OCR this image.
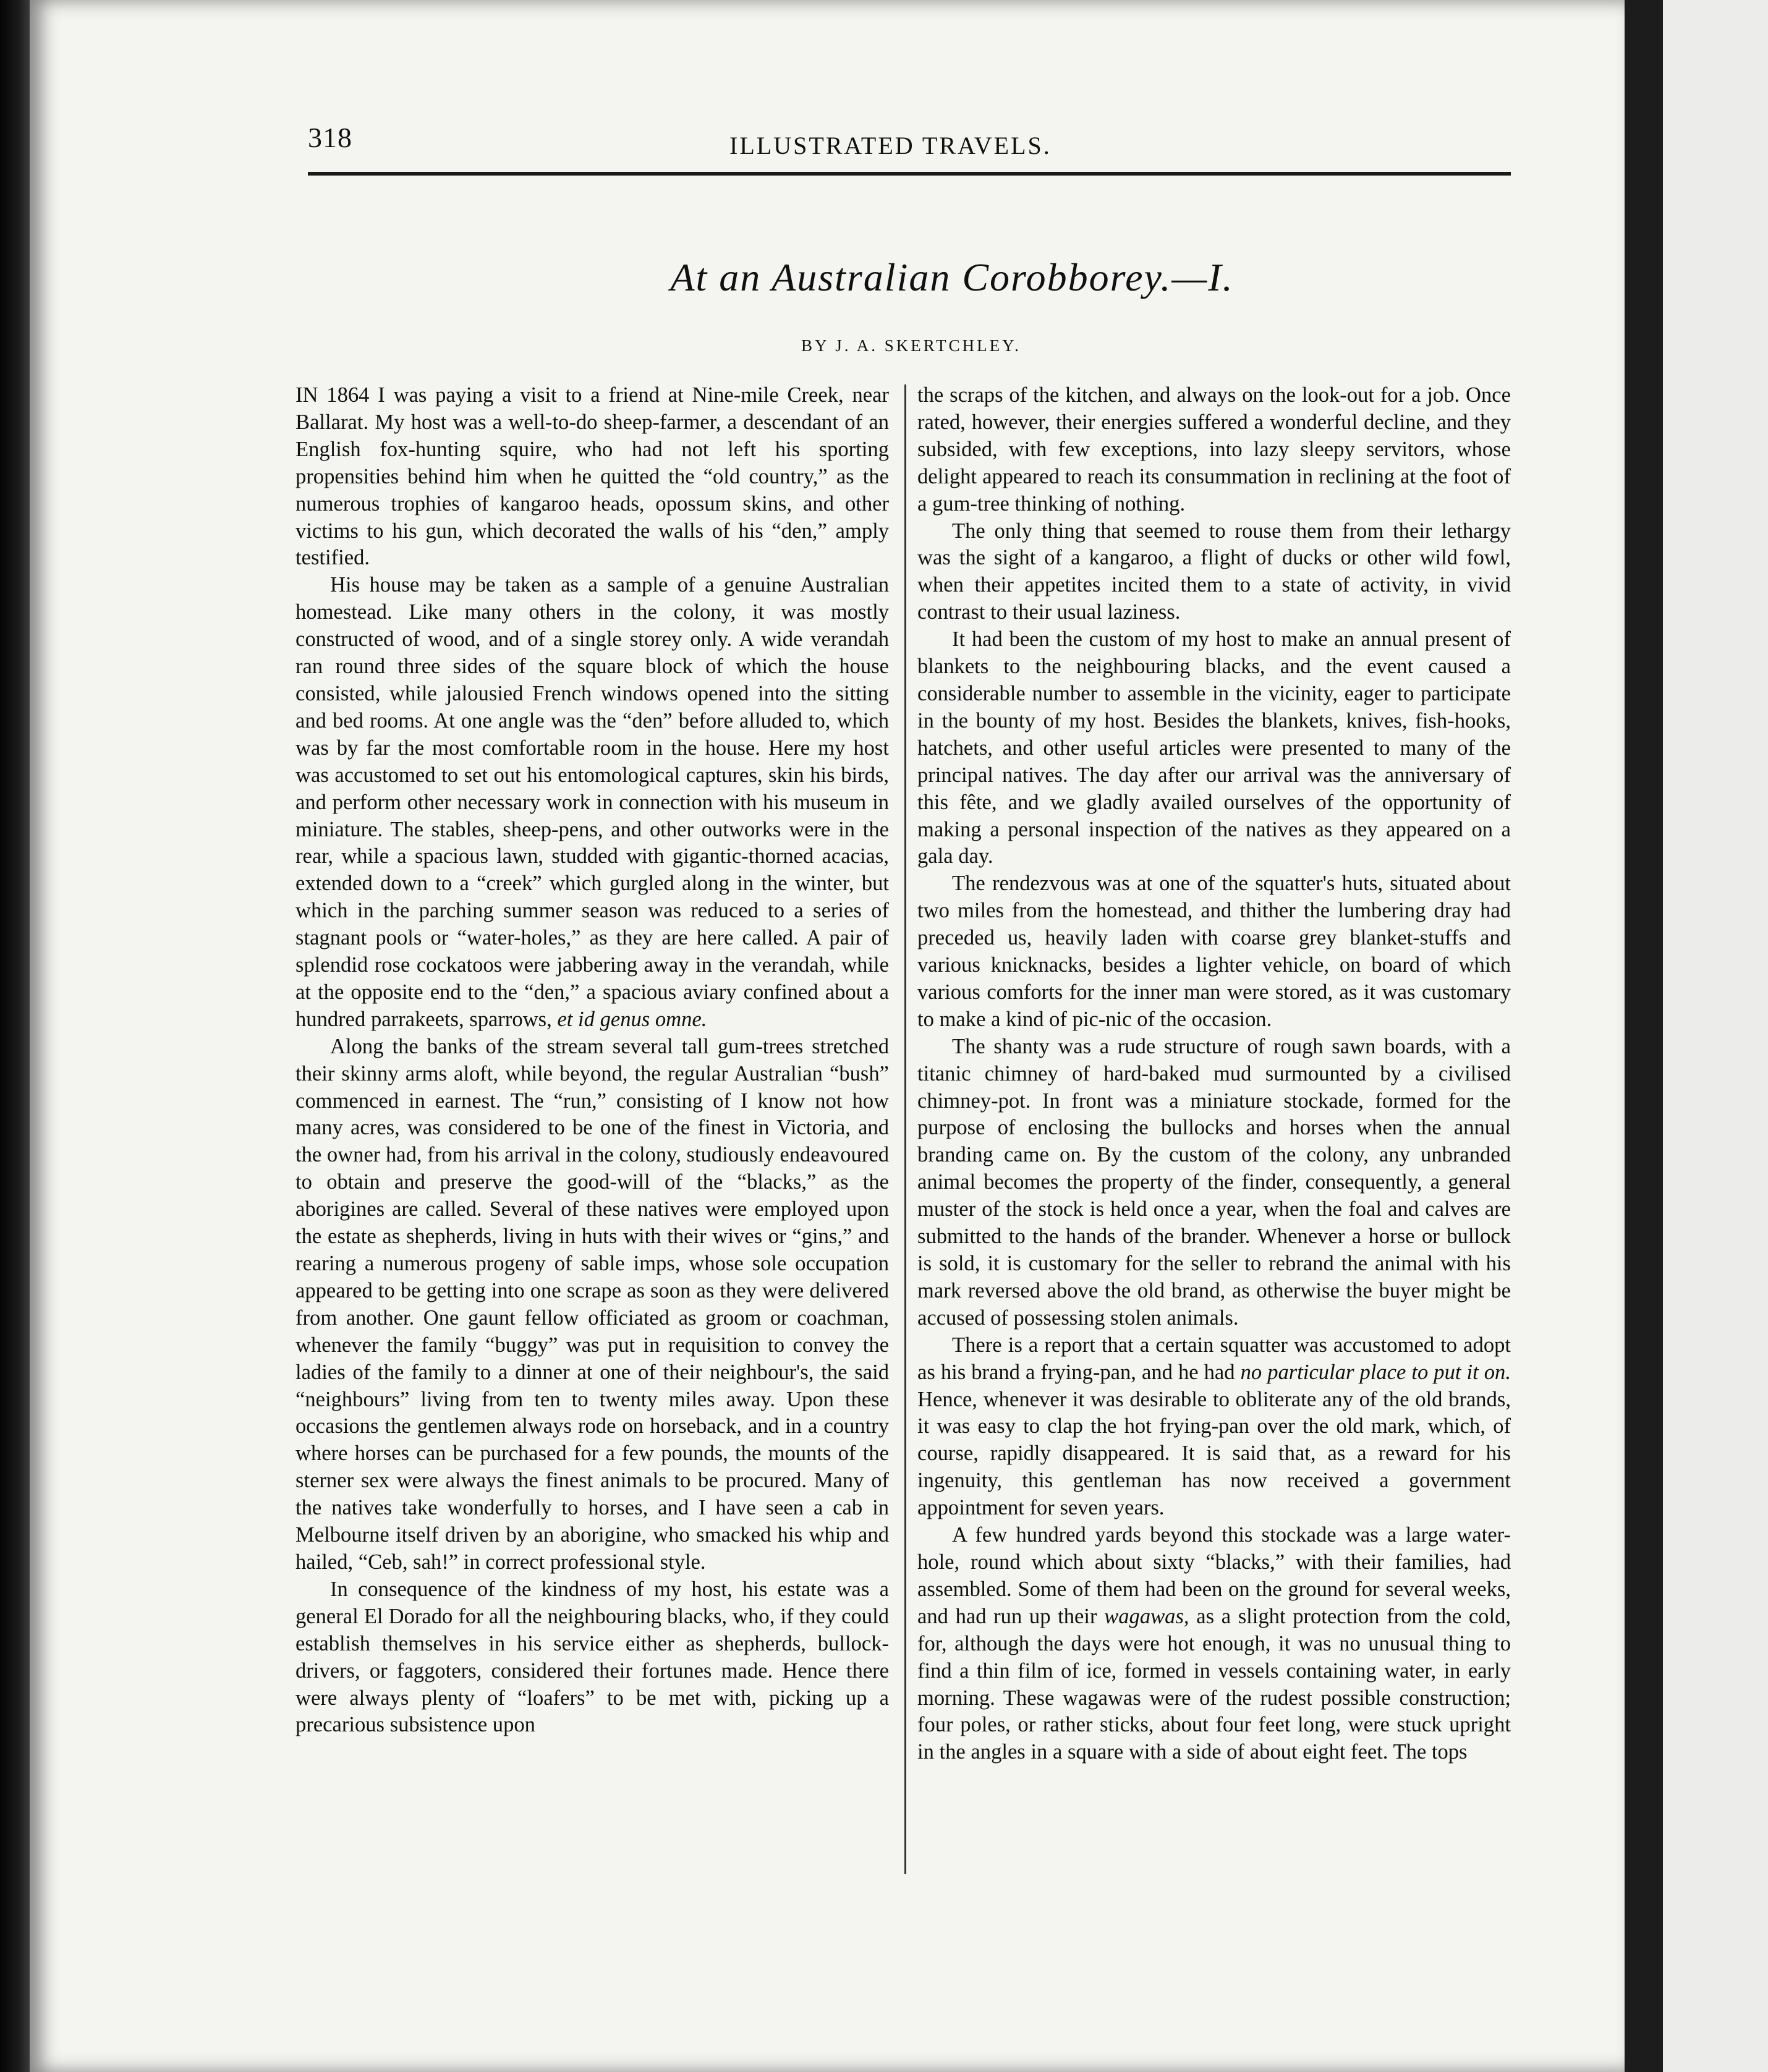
318	ILLUSTRATED TRAVELS.
At an Australian Corobborey.—I.
BY J. A. SKERTCHLEY.

IN 1864 I was paying a visit to a friend at Nine-mile Creek, near Ballarat. My host was a well-to-do sheep-farmer, a descendant of an English fox-hunting squire, who had not left his sporting propensities behind him when he quitted the “old country,” as the numerous trophies of kangaroo heads, opossum skins, and other victims to his gun, which decorated the walls of his “den,” amply testified.

His house may be taken as a sample of a genuine Australian homestead. Like many others in the colony, it was mostly constructed of wood, and of a single storey only. A wide verandah ran round three sides of the square block of which the house consisted, while jalousied French windows opened into the sitting and bed rooms. At one angle was the “den” before alluded to, which was by far the most comfortable room in the house. Here my host was accustomed to set out his entomological captures, skin his birds, and perform other necessary work in connection with his museum in miniature. The stables, sheep-pens, and other outworks were in the rear, while a spacious lawn, studded with gigantic-thorned acacias, extended down to a “creek” which gurgled along in the winter, but which in the parching summer season was reduced to a series of stagnant pools or “water-holes,” as they are here called. A pair of splendid rose cockatoos were jabbering away in the verandah, while at the opposite end to the “den,” a spacious aviary confined about a hundred parrakeets, sparrows, et id genus omne.

Along the banks of the stream several tall gum-trees stretched their skinny arms aloft, while beyond, the regular Australian “bush” commenced in earnest. The “run,” consisting of I know not how many acres, was considered to be one of the finest in Victoria, and the owner had, from his arrival in the colony, studiously endeavoured to obtain and preserve the good-will of the “blacks,” as the aborigines are called. Several of these natives were employed upon the estate as shepherds, living in huts with their wives or “gins,” and rearing a numerous progeny of sable imps, whose sole occupation appeared to be getting into one scrape as soon as they were delivered from another. One gaunt fellow officiated as groom or coachman, whenever the family “buggy” was put in requisition to convey the ladies of the family to a dinner at one of their neighbour's, the said “neighbours” living from ten to twenty miles away. Upon these occasions the gentlemen always rode on horseback, and in a country where horses can be purchased for a few pounds, the mounts of the sterner sex were always the finest animals to be procured. Many of the natives take wonderfully to horses, and I have seen a cab in Melbourne itself driven by an aborigine, who smacked his whip and hailed, “Ceb, sah!” in correct professional style.

In consequence of the kindness of my host, his estate was a general El Dorado for all the neighbouring blacks, who, if they could establish themselves in his service either as shepherds, bullock-drivers, or faggoters, considered their fortunes made. Hence there were always plenty of “loafers” to be met with, picking up a precarious subsistence upon

the scraps of the kitchen, and always on the look-out for a job. Once rated, however, their energies suffered a wonderful decline, and they subsided, with few exceptions, into lazy sleepy servitors, whose delight appeared to reach its consummation in reclining at the foot of a gum-tree thinking of nothing.

The only thing that seemed to rouse them from their lethargy was the sight of a kangaroo, a flight of ducks or other wild fowl, when their appetites incited them to a state of activity, in vivid contrast to their usual laziness.

It had been the custom of my host to make an annual present of blankets to the neighbouring blacks, and the event caused a considerable number to assemble in the vicinity, eager to participate in the bounty of my host. Besides the blankets, knives, fish-hooks, hatchets, and other useful articles were presented to many of the principal natives. The day after our arrival was the anniversary of this fête, and we gladly availed ourselves of the opportunity of making a personal inspection of the natives as they appeared on a gala day.

The rendezvous was at one of the squatter's huts, situated about two miles from the homestead, and thither the lumbering dray had preceded us, heavily laden with coarse grey blanket-stuffs and various knicknacks, besides a lighter vehicle, on board of which various comforts for the inner man were stored, as it was customary to make a kind of pic-nic of the occasion.

The shanty was a rude structure of rough sawn boards, with a titanic chimney of hard-baked mud surmounted by a civilised chimney-pot. In front was a miniature stockade, formed for the purpose of enclosing the bullocks and horses when the annual branding came on. By the custom of the colony, any unbranded animal becomes the property of the finder, consequently, a general muster of the stock is held once a year, when the foal and calves are submitted to the hands of the brander. Whenever a horse or bullock is sold, it is customary for the seller to rebrand the animal with his mark reversed above the old brand, as otherwise the buyer might be accused of possessing stolen animals.

There is a report that a certain squatter was accustomed to adopt as his brand a frying-pan, and he had no particular place to put it on. Hence, whenever it was desirable to obliterate any of the old brands, it was easy to clap the hot frying-pan over the old mark, which, of course, rapidly disappeared. It is said that, as a reward for his ingenuity, this gentleman has now received a government appointment for seven years.

A few hundred yards beyond this stockade was a large water-hole, round which about sixty “blacks,” with their families, had assembled. Some of them had been on the ground for several weeks, and had run up their wagawas, as a slight protection from the cold, for, although the days were hot enough, it was no unusual thing to find a thin film of ice, formed in vessels containing water, in early morning. These wagawas were of the rudest possible construction; four poles, or rather sticks, about four feet long, were stuck upright in the angles in a square with a side of about eight feet. The tops
